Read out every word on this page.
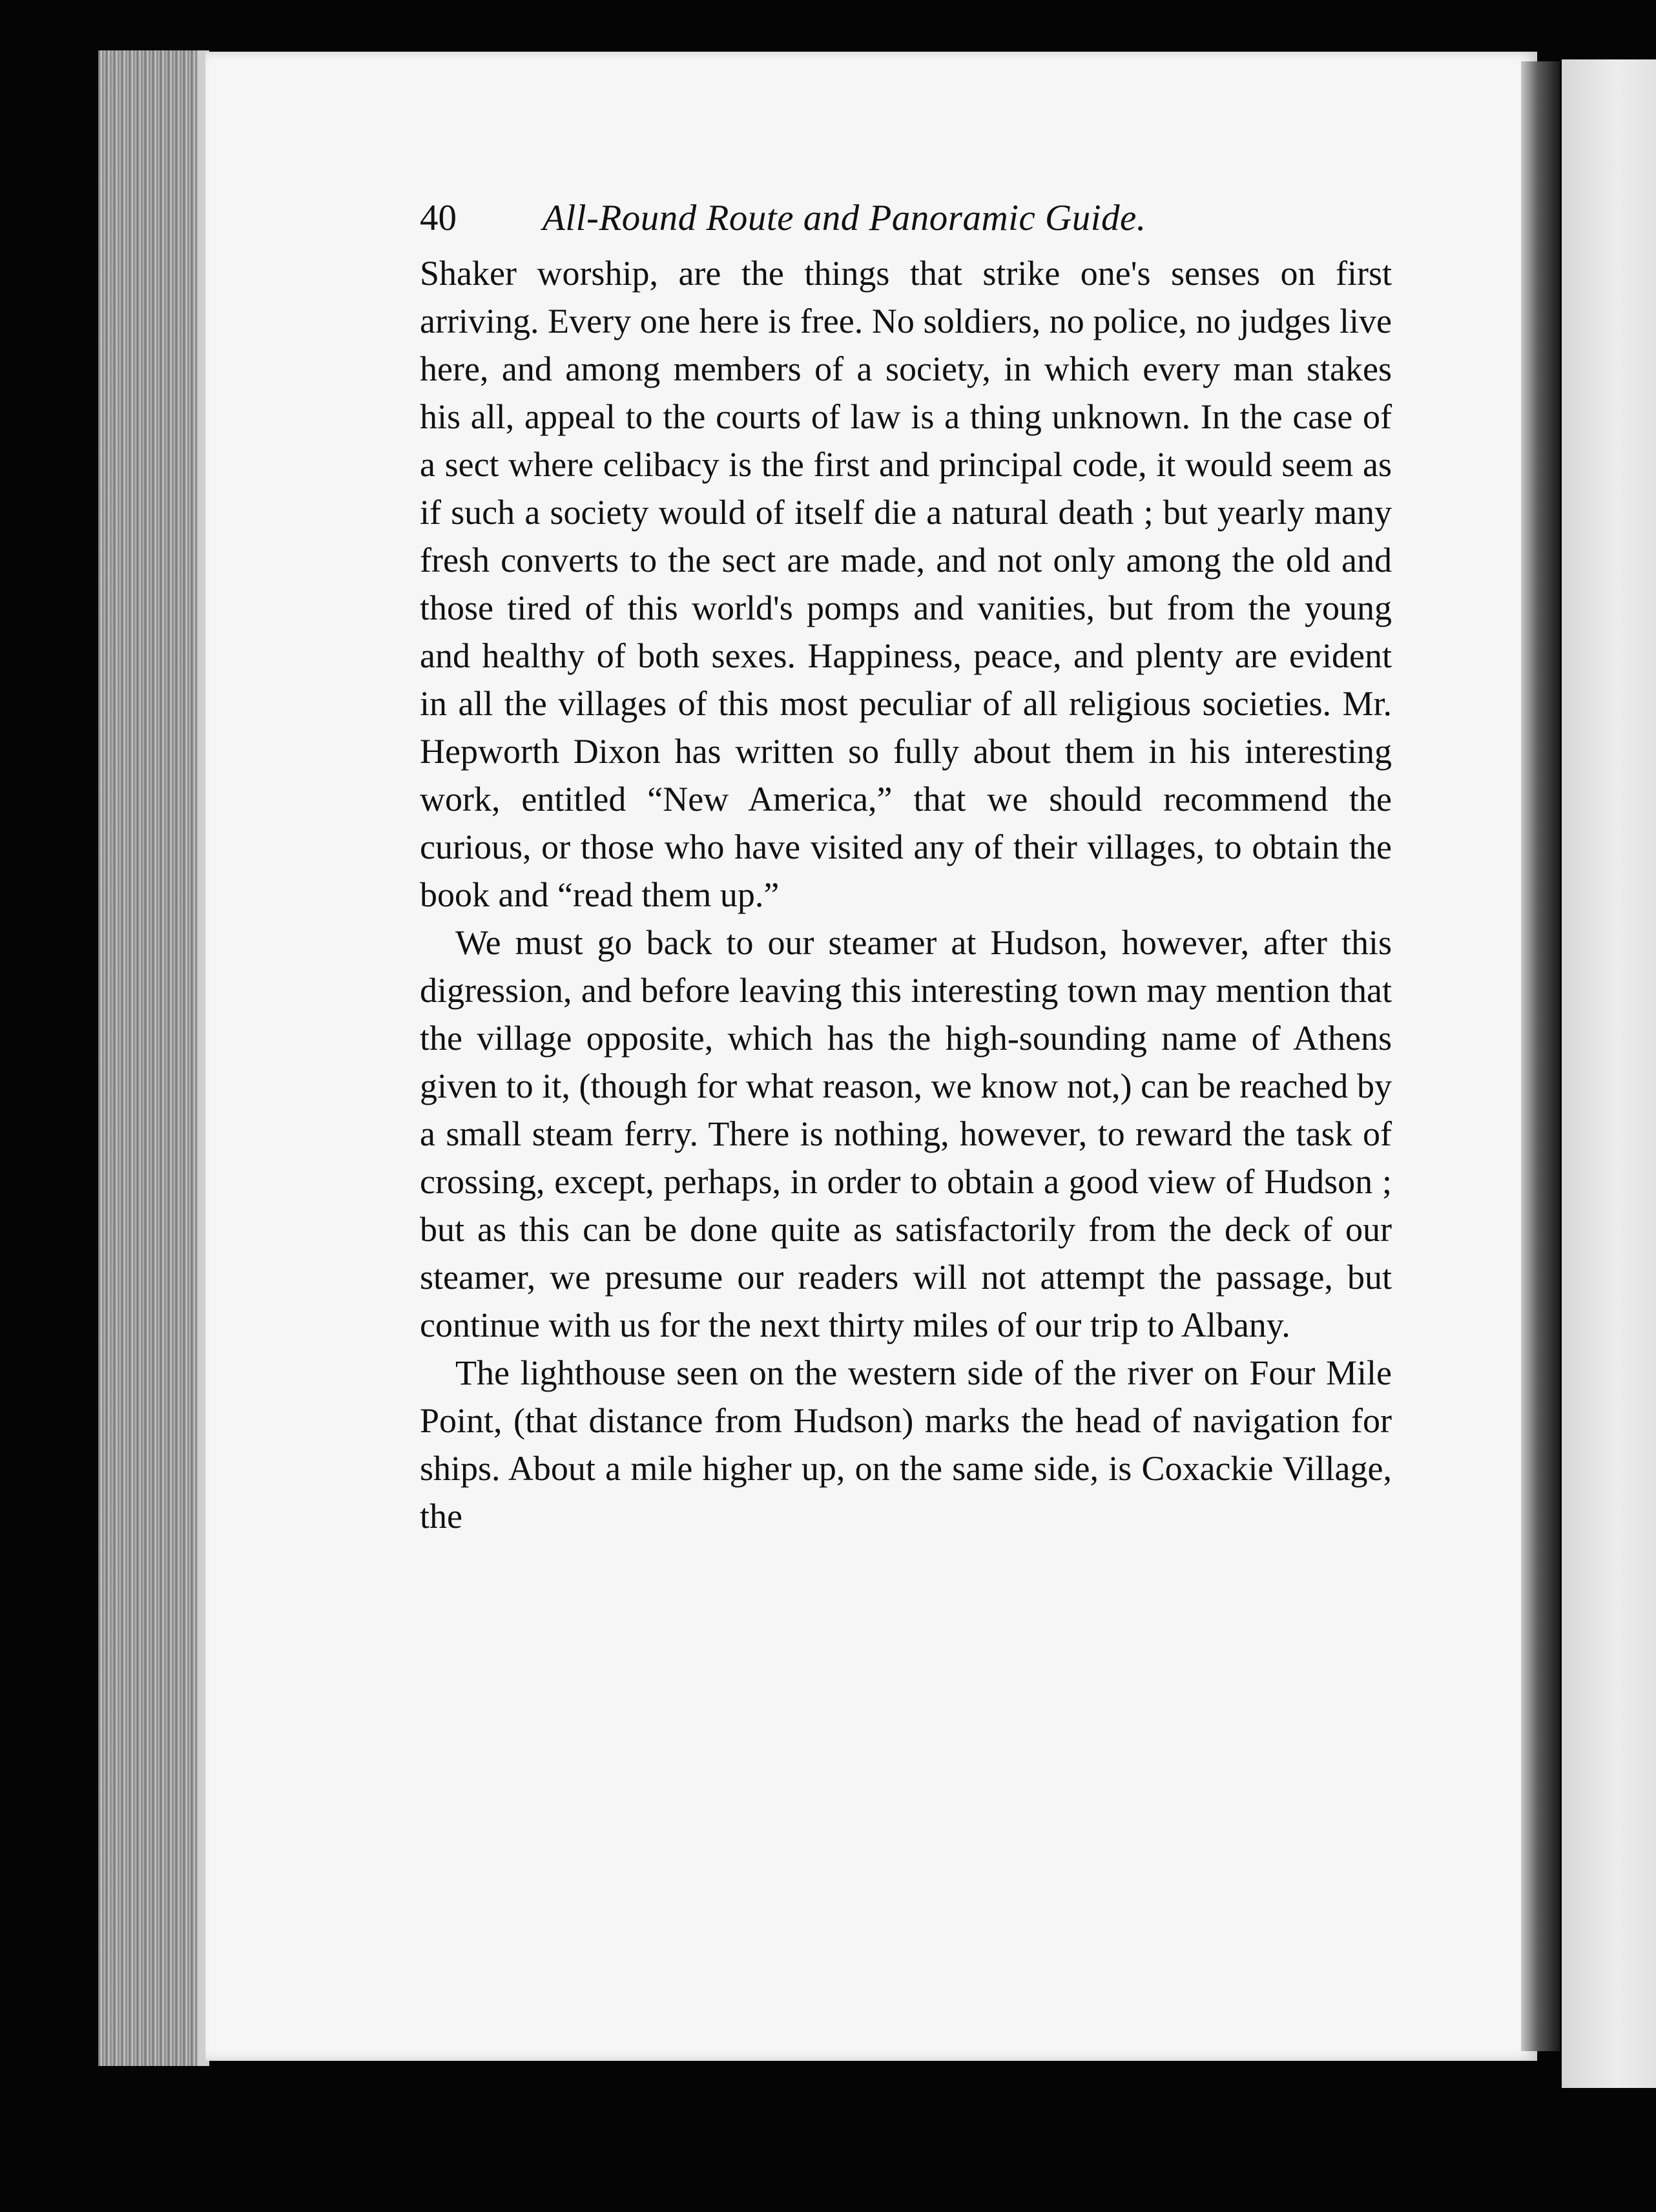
40	All-Round Route and Panoramic Guide.

Shaker worship, are the things that strike one's senses on first arriving. Every one here is free. No soldiers, no police, no judges live here, and among members of a society, in which every man stakes his all, appeal to the courts of law is a thing unknown. In the case of a sect where celibacy is the first and principal code, it would seem as if such a society would of itself die a natural death ; but yearly many fresh converts to the sect are made, and not only among the old and those tired of this world's pomps and vanities, but from the young and healthy of both sexes. Happiness, peace, and plenty are evident in all the villages of this most peculiar of all religious societies. Mr. Hepworth Dixon has written so fully about them in his interesting work, entitled “New America,” that we should recommend the curious, or those who have visited any of their villages, to obtain the book and “read them up.”

We must go back to our steamer at Hudson, however, after this digression, and before leaving this interesting town may mention that the village opposite, which has the high-sounding name of Athens given to it, (though for what reason, we know not,) can be reached by a small steam ferry. There is nothing, however, to reward the task of crossing, except, perhaps, in order to obtain a good view of Hudson ; but as this can be done quite as satisfactorily from the deck of our steamer, we presume our readers will not attempt the passage, but continue with us for the next thirty miles of our trip to Albany.

The lighthouse seen on the western side of the river on Four Mile Point, (that distance from Hudson) marks the head of navigation for ships. About a mile higher up, on the same side, is Coxackie Village, the
